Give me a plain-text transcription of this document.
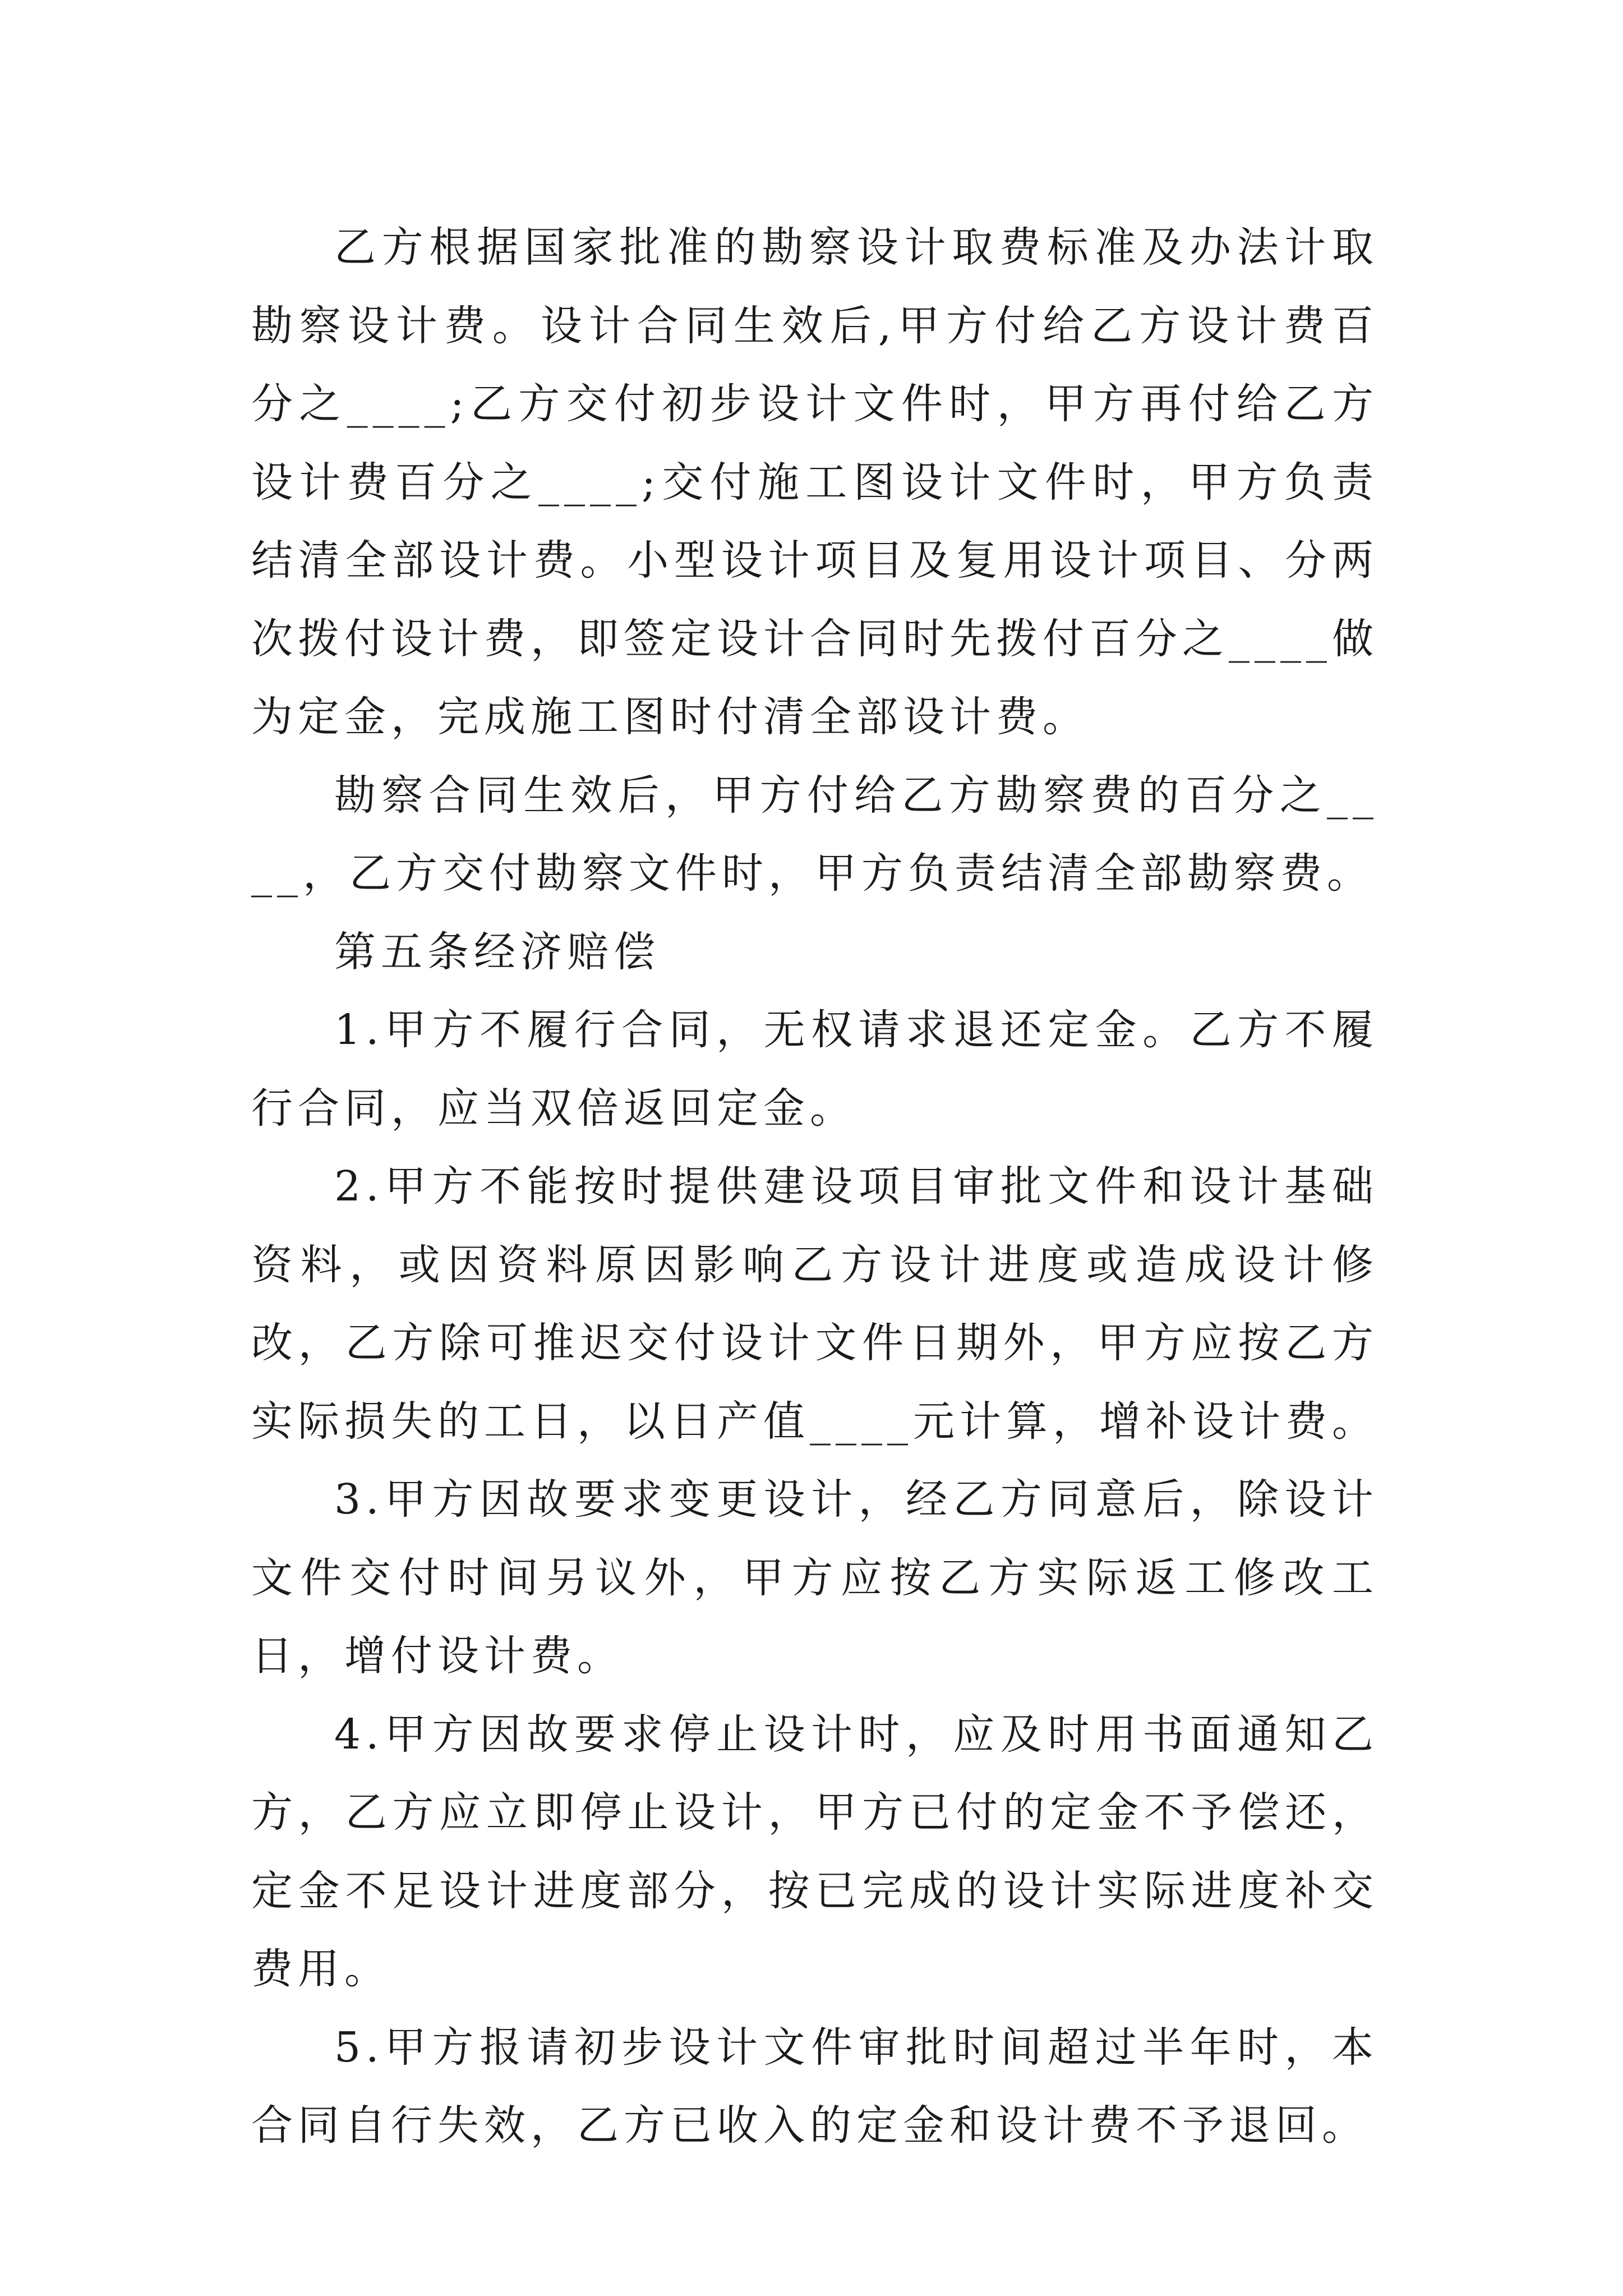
乙方根据国家批准的勘察设计取费标准及办法计取勘察设计费。设计合同生效后,甲方付给乙方设计费百分之____;乙方交付初步设计文件时，甲方再付给乙方设计费百分之____;交付施工图设计文件时，甲方负责结清全部设计费。小型设计项目及复用设计项目、分两次拨付设计费，即签定设计合同时先拨付百分之____做为定金，完成施工图时付清全部设计费。

勘察合同生效后，甲方付给乙方勘察费的百分之____，乙方交付勘察文件时，甲方负责结清全部勘察费。

第五条经济赔偿

1.甲方不履行合同，无权请求退还定金。乙方不履行合同，应当双倍返回定金。

2.甲方不能按时提供建设项目审批文件和设计基础资料，或因资料原因影响乙方设计进度或造成设计修改，乙方除可推迟交付设计文件日期外，甲方应按乙方实际损失的工日，以日产值____元计算，增补设计费。

3.甲方因故要求变更设计，经乙方同意后，除设计文件交付时间另议外，甲方应按乙方实际返工修改工日，增付设计费。

4.甲方因故要求停止设计时，应及时用书面通知乙方，乙方应立即停止设计，甲方已付的定金不予偿还，定金不足设计进度部分，按已完成的设计实际进度补交费用。

5.甲方报请初步设计文件审批时间超过半年时，本合同自行失效，乙方已收入的定金和设计费不予退回。
